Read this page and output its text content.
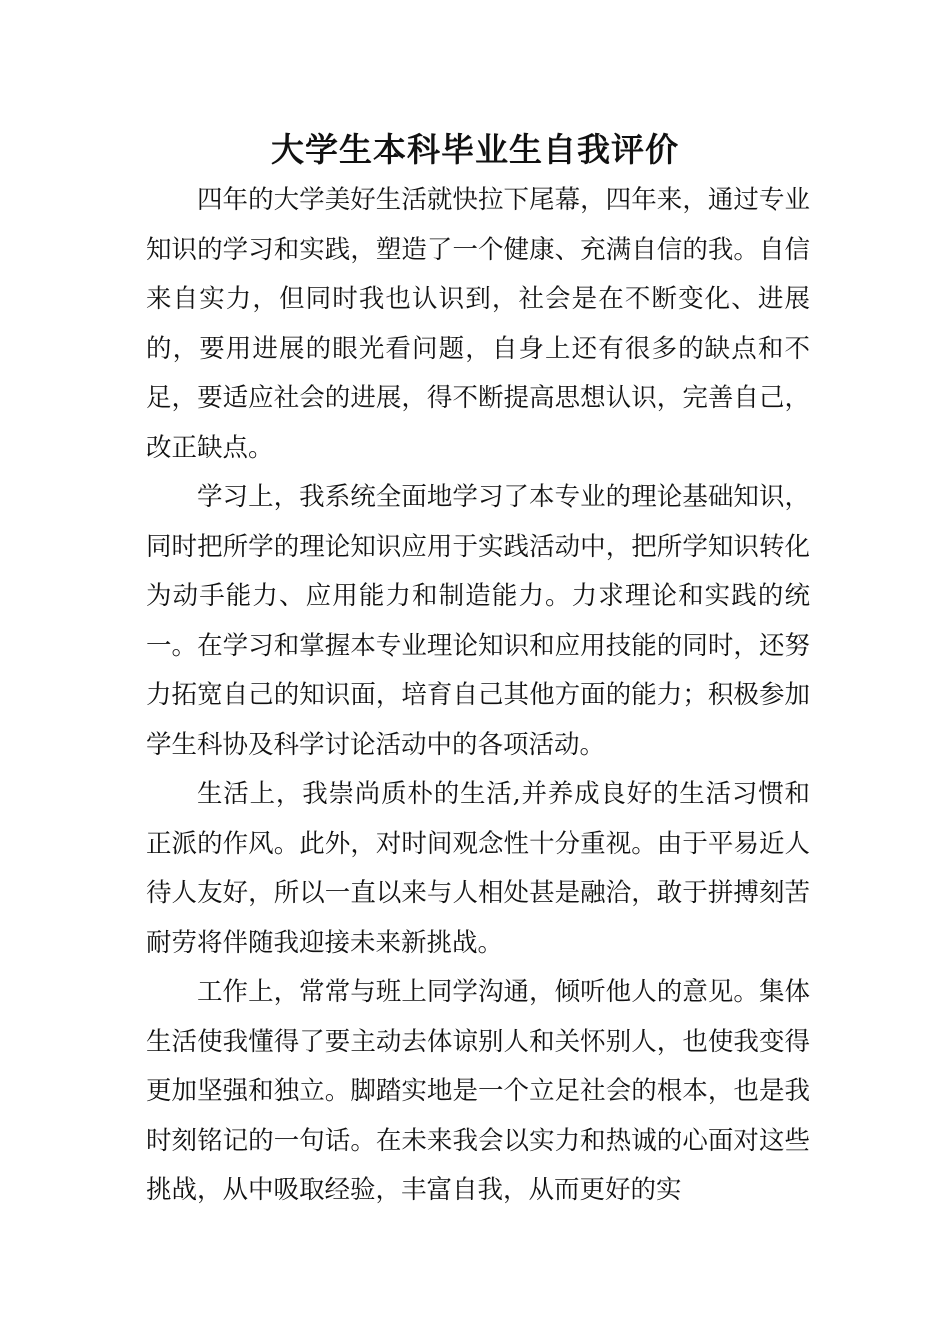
大学生本科毕业生自我评价

四年的大学美好生活就快拉下尾幕，四年来，通过专业知识的学习和实践，塑造了一个健康、充满自信的我。自信来自实力，但同时我也认识到，社会是在不断变化、进展的，要用进展的眼光看问题，自身上还有很多的缺点和不足，要适应社会的进展，得不断提高思想认识，完善自己，改正缺点。

学习上，我系统全面地学习了本专业的理论基础知识，同时把所学的理论知识应用于实践活动中，把所学知识转化为动手能力、应用能力和制造能力。力求理论和实践的统一。在学习和掌握本专业理论知识和应用技能的同时，还努力拓宽自己的知识面，培育自己其他方面的能力；积极参加学生科协及科学讨论活动中的各项活动。

生活上，我崇尚质朴的生活,并养成良好的生活习惯和正派的作风。此外，对时间观念性十分重视。由于平易近人待人友好，所以一直以来与人相处甚是融洽，敢于拼搏刻苦耐劳将伴随我迎接未来新挑战。

工作上，常常与班上同学沟通，倾听他人的意见。集体生活使我懂得了要主动去体谅别人和关怀别人，也使我变得更加坚强和独立。脚踏实地是一个立足社会的根本，也是我时刻铭记的一句话。在未来我会以实力和热诚的心面对这些挑战，从中吸取经验，丰富自我，从而更好的实
